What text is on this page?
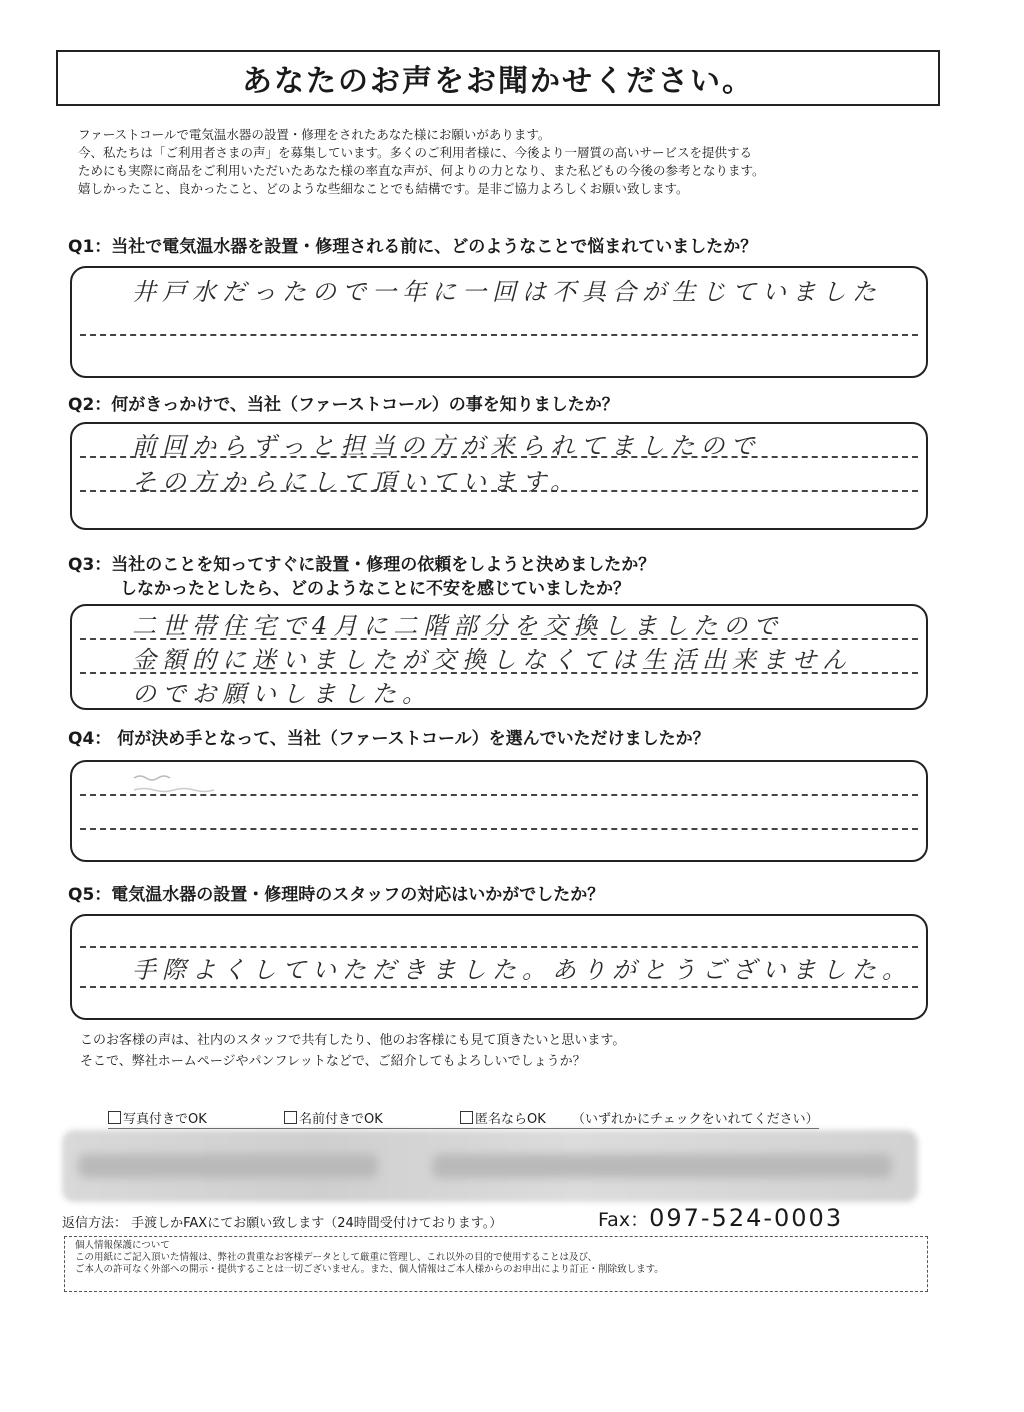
あなたのお声をお聞かせください。
ファーストコールで電気温水器の設置・修理をされたあなた様にお願いがあります。
今、私たちは「ご利用者さまの声」を募集しています。多くのご利用者様に、今後より一層質の高いサービスを提供する
ためにも実際に商品をご利用いただいたあなた様の率直な声が、何よりの力となり、また私どもの今後の参考となります。
嬉しかったこと、良かったこと、どのような些細なことでも結構です。是非ご協力よろしくお願い致します。
Q1：当社で電気温水器を設置・修理される前に、どのようなことで悩まれていましたか？
井戸水だったので一年に一回は不具合が生じていました
Q2：何がきっかけで、当社（ファーストコール）の事を知りましたか？
前回からずっと担当の方が来られてましたので
その方からにして頂いています。
Q3：当社のことを知ってすぐに設置・修理の依頼をしようと決めましたか？
しなかったとしたら、どのようなことに不安を感じていましたか？
二世帯住宅で4月に二階部分を交換しましたので
金額的に迷いましたが交換しなくては生活出来ません
のでお願いしました。
Q4： 何が決め手となって、当社（ファーストコール）を選んでいただけましたか？
Q5：電気温水器の設置・修理時のスタッフの対応はいかがでしたか？
手際よくしていただきました。ありがとうございました。
このお客様の声は、社内のスタッフで共有したり、他のお客様にも見て頂きたいと思います。
そこで、弊社ホームページやパンフレットなどで、ご紹介してもよろしいでしょうか？
写真付きでOK	名前付きでOK	匿名ならOK （いずれかにチェックをいれてください）
返信方法： 手渡しかFAXにてお願い致します（24時間受付けております。）	Fax：097-524-0003
個人情報保護について
この用紙にご記入頂いた情報は、弊社の貴重なお客様データとして厳重に管理し、これ以外の目的で使用することは及び、
ご本人の許可なく外部への開示・提供することは一切ございません。また、個人情報はご本人様からのお申出により訂正・削除致します。
